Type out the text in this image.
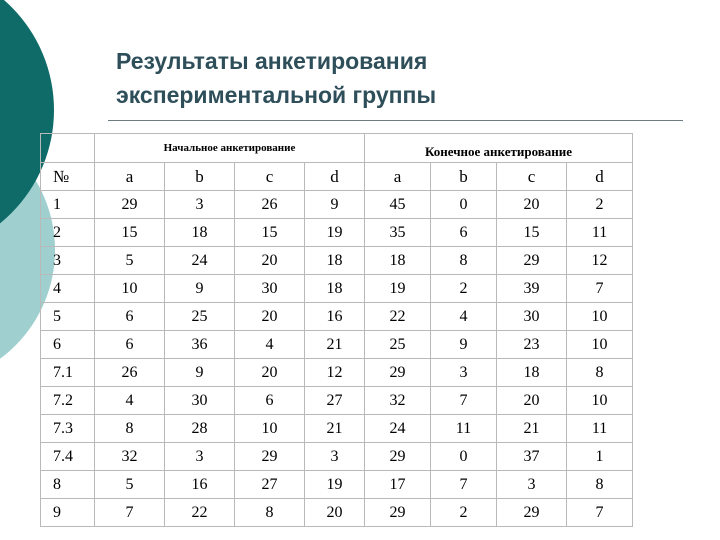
Результаты анкетирования
экспериментальной группы
	Начальное анкетирование				Конечное анкетирование			
№	a	b	c	d	a	b	c	d
1	29	3	26	9	45	0	20	2
2	15	18	15	19	35	6	15	11
3	5	24	20	18	18	8	29	12
4	10	9	30	18	19	2	39	7
5	6	25	20	16	22	4	30	10
6	6	36	4	21	25	9	23	10
7.1	26	9	20	12	29	3	18	8
7.2	4	30	6	27	32	7	20	10
7.3	8	28	10	21	24	11	21	11
7.4	32	3	29	3	29	0	37	1
8	5	16	27	19	17	7	3	8
9	7	22	8	20	29	2	29	7
